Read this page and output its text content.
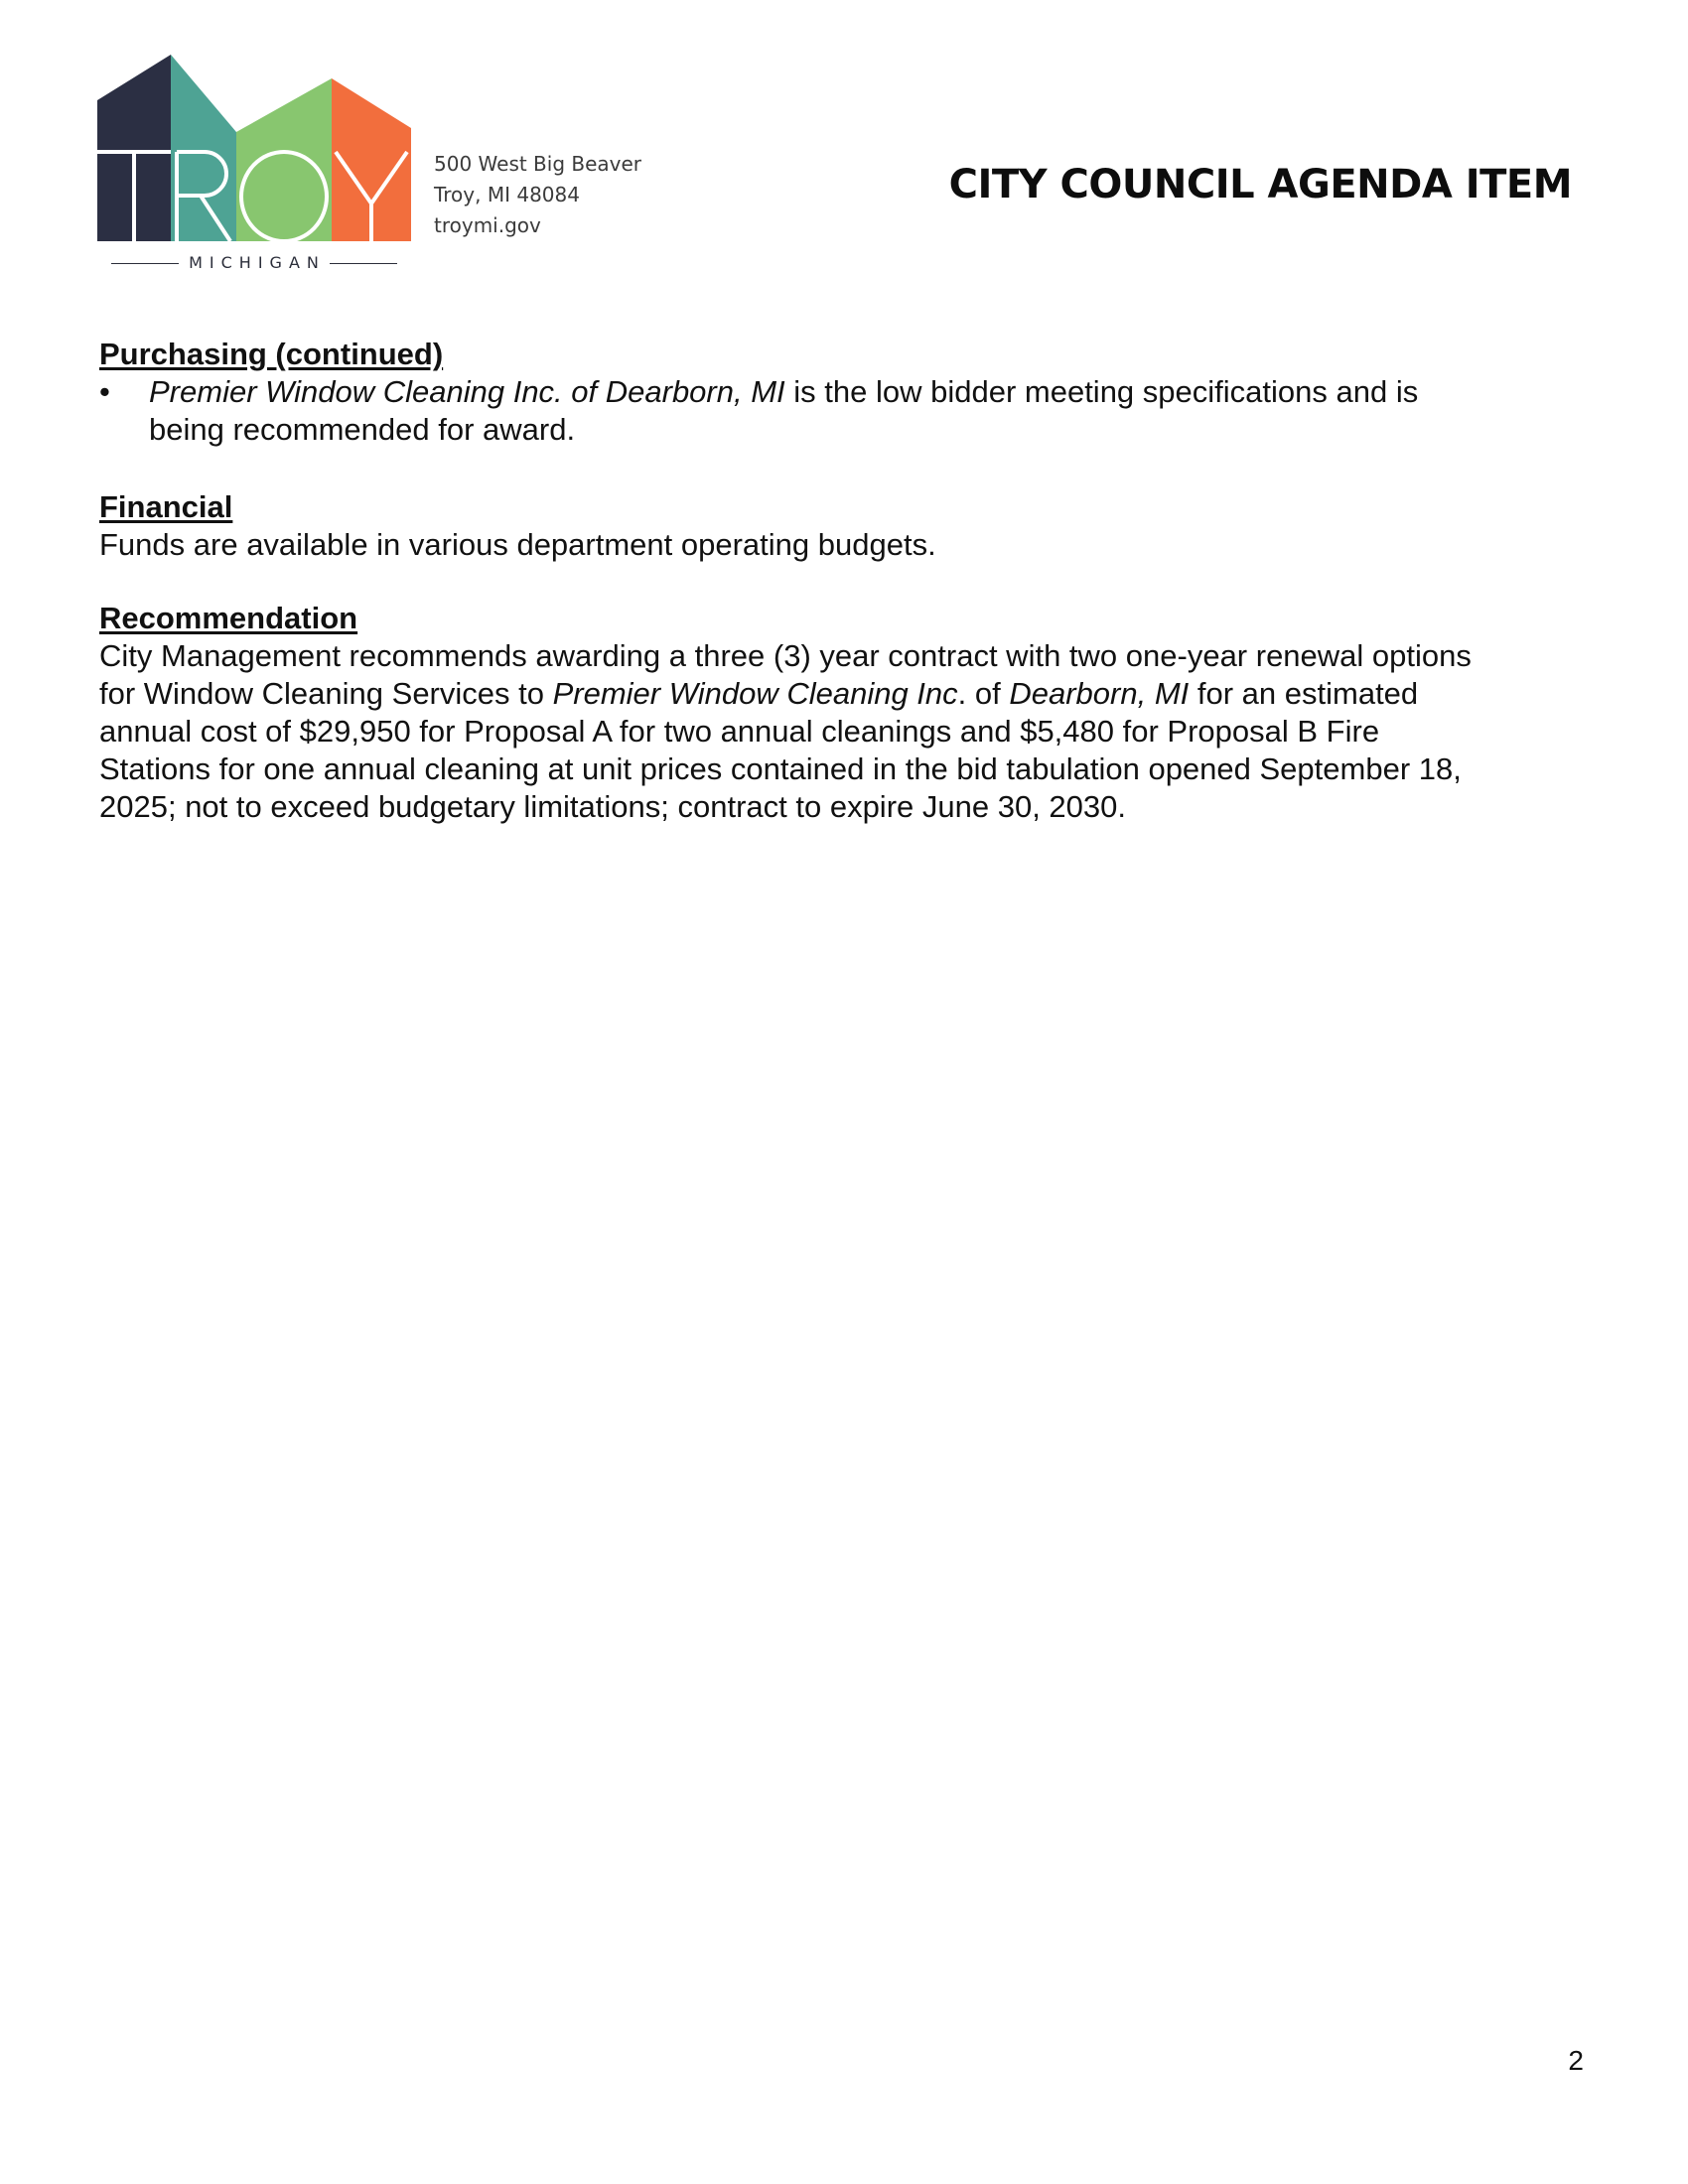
MICHIGAN
500 West Big Beaver
Troy, MI 48084
troymi.gov
CITY COUNCIL AGENDA ITEM
Purchasing (continued)
•	Premier Window Cleaning Inc. of Dearborn, MI is the low bidder meeting specifications and is
being recommended for award.
Financial
Funds are available in various department operating budgets.
Recommendation
City Management recommends awarding a three (3) year contract with two one-year renewal options
for Window Cleaning Services to Premier Window Cleaning Inc. of Dearborn, MI for an estimated
annual cost of $29,950 for Proposal A for two annual cleanings and $5,480 for Proposal B Fire
Stations for one annual cleaning at unit prices contained in the bid tabulation opened September 18,
2025; not to exceed budgetary limitations; contract to expire June 30, 2030.
2
